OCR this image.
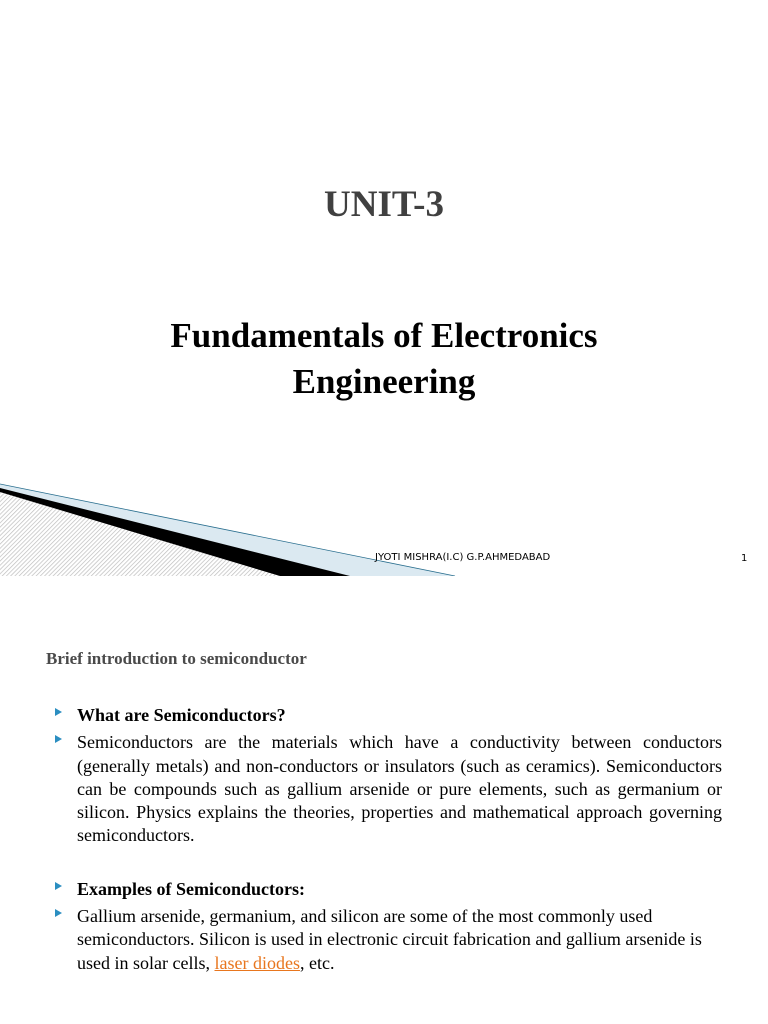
UNIT-3
Fundamentals of Electronics
Engineering
JYOTI MISHRA(I.C) G.P.AHMEDABAD	1
Brief introduction to semiconductor
What are Semiconductors?
Semiconductors are the materials which have a conductivity between conductors (generally metals) and non-conductors or insulators (such as ceramics). Semiconductors can be compounds such as gallium arsenide or pure elements, such as germanium or silicon. Physics explains the theories, properties and mathematical approach governing semiconductors.
Examples of Semiconductors:
Gallium arsenide, germanium, and silicon are some of the most commonly used semiconductors. Silicon is used in electronic circuit fabrication and gallium arsenide is used in solar cells, laser diodes, etc.
